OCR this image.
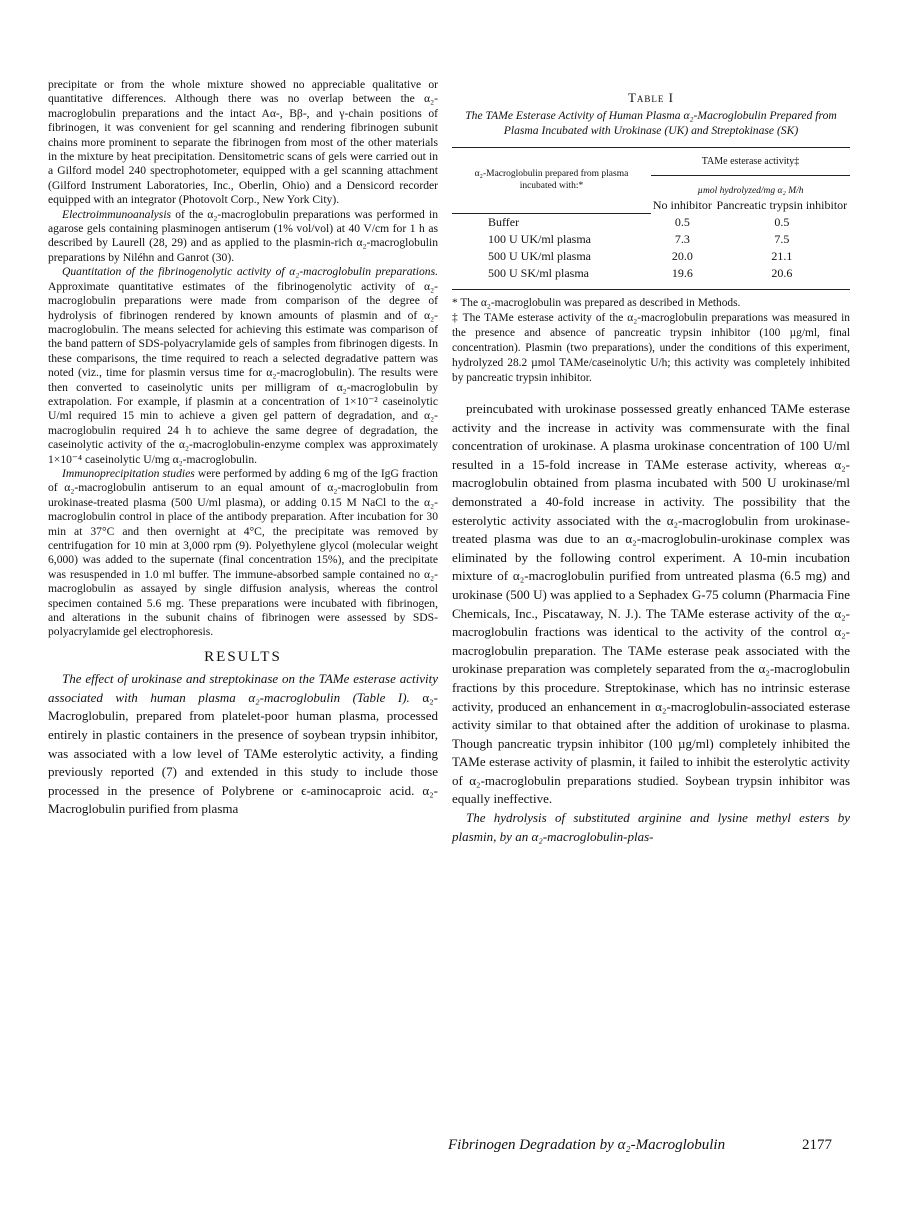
precipitate or from the whole mixture showed no appreciable qualitative or quantitative differences. Although there was no overlap between the α₂-macroglobulin preparations and the intact Aα-, Bβ-, and γ-chain positions of fibrinogen, it was convenient for gel scanning and rendering fibrinogen subunit chains more prominent to separate the fibrinogen from most of the other materials in the mixture by heat precipitation. Densitometric scans of gels were carried out in a Gilford model 240 spectrophotometer, equipped with a gel scanning attachment (Gilford Instrument Laboratories, Inc., Oberlin, Ohio) and a Densicord recorder equipped with an integrator (Photovolt Corp., New York City).

Electroimmunoanalysis of the α₂-macroglobulin preparations was performed in agarose gels containing plasminogen antiserum (1% vol/vol) at 40 V/cm for 1 h as described by Laurell (28, 29) and as applied to the plasmin-rich α₂-macroglobulin preparations by Niléhn and Ganrot (30).

Quantitation of the fibrinogenolytic activity of α₂-macroglobulin preparations. Approximate quantitative estimates of the fibrinogenolytic activity of α₂-macroglobulin preparations were made from comparison of the degree of hydrolysis of fibrinogen rendered by known amounts of plasmin and of α₂-macroglobulin. The means selected for achieving this estimate was comparison of the band pattern of SDS-polyacrylamide gels of samples from fibrinogen digests. In these comparisons, the time required to reach a selected degradative pattern was noted (viz., time for plasmin versus time for α₂-macroglobulin). The results were then converted to caseinolytic units per milligram of α₂-macroglobulin by extrapolation. For example, if plasmin at a concentration of 1×10⁻² caseinolytic U/ml required 15 min to achieve a given gel pattern of degradation, and α₂-macroglobulin required 24 h to achieve the same degree of degradation, the caseinolytic activity of the α₂-macroglobulin-enzyme complex was approximately 1×10⁻⁴ caseinolytic U/mg α₂-macroglobulin.

Immunoprecipitation studies were performed by adding 6 mg of the IgG fraction of α₂-macroglobulin antiserum to an equal amount of α₂-macroglobulin from urokinase-treated plasma (500 U/ml plasma), or adding 0.15 M NaCl to the α₂-macroglobulin control in place of the antibody preparation. After incubation for 30 min at 37°C and then overnight at 4°C, the precipitate was removed by centrifugation for 10 min at 3,000 rpm (9). Polyethylene glycol (molecular weight 6,000) was added to the supernate (final concentration 15%), and the precipitate was resuspended in 1.0 ml buffer. The immune-absorbed sample contained no α₂-macroglobulin as assayed by single diffusion analysis, whereas the control specimen contained 5.6 mg. These preparations were incubated with fibrinogen, and alterations in the subunit chains of fibrinogen were assessed by SDS-polyacrylamide gel electrophoresis.

RESULTS

The effect of urokinase and streptokinase on the TAMe esterase activity associated with human plasma α₂-macroglobulin (Table I). α₂-Macroglobulin, prepared from platelet-poor human plasma, processed entirely in plastic containers in the presence of soybean trypsin inhibitor, was associated with a low level of TAMe esterolytic activity, a finding previously reported (7) and extended in this study to include those processed in the presence of Polybrene or ϵ-aminocaproic acid. α₂-Macroglobulin purified from plasma

Table I
The TAMe Esterase Activity of Human Plasma α₂-Macroglobulin Prepared from Plasma Incubated with Urokinase (UK) and Streptokinase (SK)
α₂-Macroglobulin prepared from plasma incubated with:*	TAMe esterase activity‡	
	µmol hydrolyzed/mg α₂ M/h	
	No inhibitor	Pancreatic trypsin inhibitor
Buffer	0.5	0.5
100 U UK/ml plasma	7.3	7.5
500 U UK/ml plasma	20.0	21.1
500 U SK/ml plasma	19.6	20.6

* The α₂-macroglobulin was prepared as described in Methods.

‡ The TAMe esterase activity of the α₂-macroglobulin preparations was measured in the presence and absence of pancreatic trypsin inhibitor (100 µg/ml, final concentration). Plasmin (two preparations), under the conditions of this experiment, hydrolyzed 28.2 µmol TAMe/caseinolytic U/h; this activity was completely inhibited by pancreatic trypsin inhibitor.

preincubated with urokinase possessed greatly enhanced TAMe esterase activity and the increase in activity was commensurate with the final concentration of urokinase. A plasma urokinase concentration of 100 U/ml resulted in a 15-fold increase in TAMe esterase activity, whereas α₂-macroglobulin obtained from plasma incubated with 500 U urokinase/ml demonstrated a 40-fold increase in activity. The possibility that the esterolytic activity associated with the α₂-macroglobulin from urokinase-treated plasma was due to an α₂-macroglobulin-urokinase complex was eliminated by the following control experiment. A 10-min incubation mixture of α₂-macroglobulin purified from untreated plasma (6.5 mg) and urokinase (500 U) was applied to a Sephadex G-75 column (Pharmacia Fine Chemicals, Inc., Piscataway, N. J.). The TAMe esterase activity of the α₂-macroglobulin fractions was identical to the activity of the control α₂-macroglobulin preparation. The TAMe esterase peak associated with the urokinase preparation was completely separated from the α₂-macroglobulin fractions by this procedure. Streptokinase, which has no intrinsic esterase activity, produced an enhancement in α₂-macroglobulin-associated esterase activity similar to that obtained after the addition of urokinase to plasma. Though pancreatic trypsin inhibitor (100 µg/ml) completely inhibited the TAMe esterase activity of plasmin, it failed to inhibit the esterolytic activity of α₂-macroglobulin preparations studied. Soybean trypsin inhibitor was equally ineffective.

The hydrolysis of substituted arginine and lysine methyl esters by plasmin, by an α₂-macroglobulin-plas-

Fibrinogen Degradation by α₂-Macroglobulin	2177
